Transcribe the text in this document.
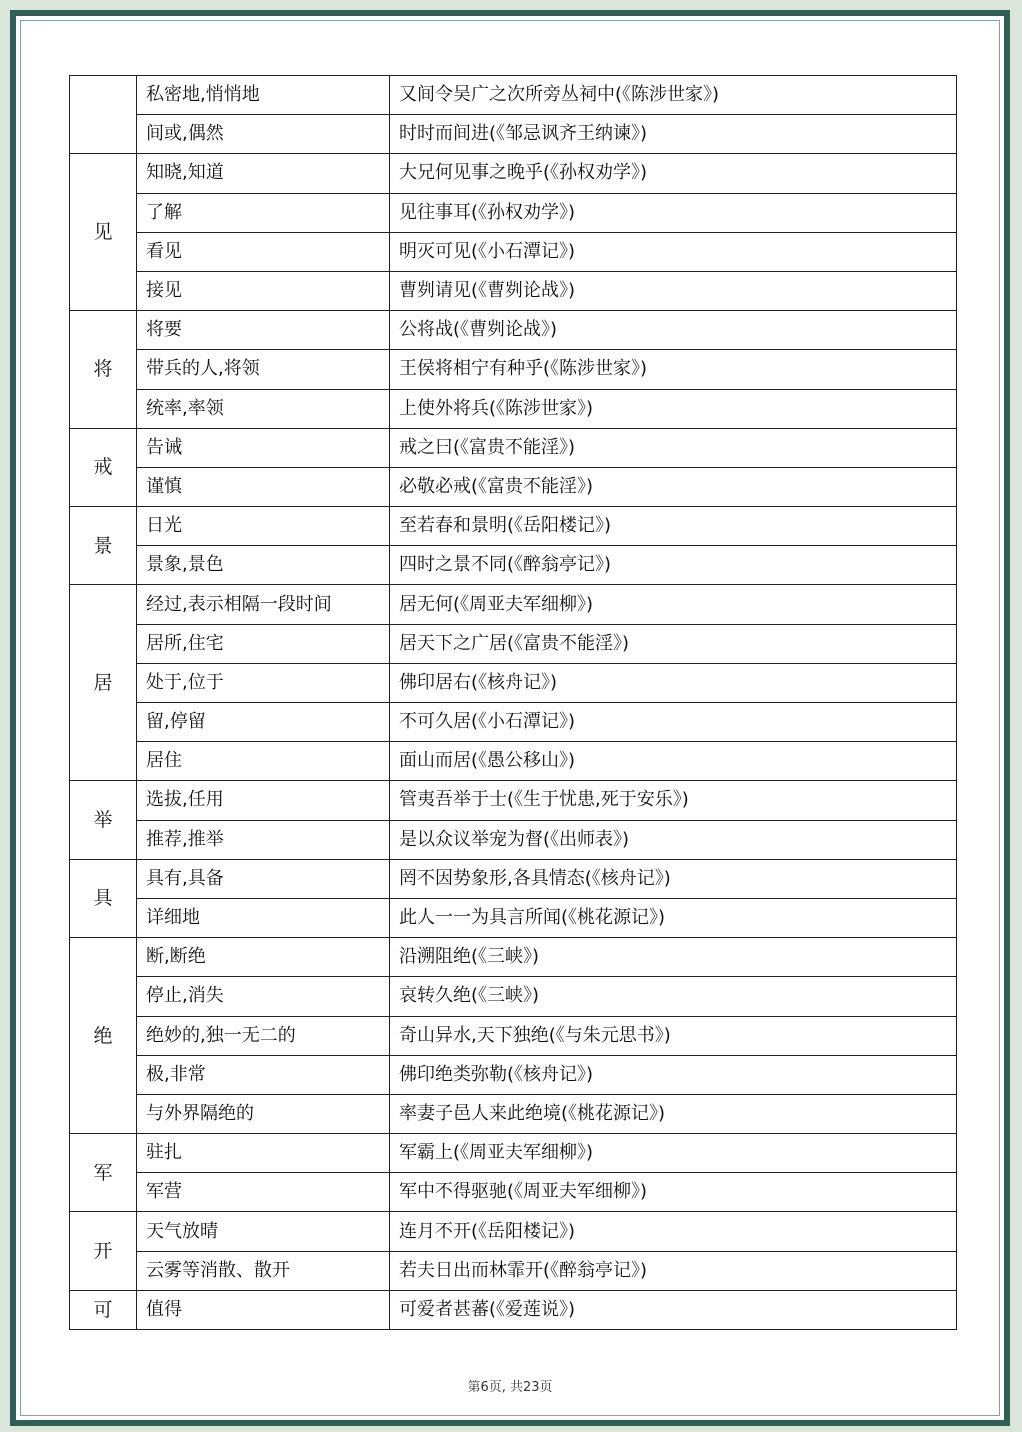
	私密地,悄悄地	又间令吴广之次所旁丛祠中(《陈涉世家》)
	间或,偶然	时时而间进(《邹忌讽齐王纳谏》)
见	知晓,知道	大兄何见事之晚乎(《孙权劝学》)
	了解	见往事耳(《孙权劝学》)
	看见	明灭可见(《小石潭记》)
	接见	曹刿请见(《曹刿论战》)
将	将要	公将战(《曹刿论战》)
	带兵的人,将领	王侯将相宁有种乎(《陈涉世家》)
	统率,率领	上使外将兵(《陈涉世家》)
戒	告诫	戒之曰(《富贵不能淫》)
	谨慎	必敬必戒(《富贵不能淫》)
景	日光	至若春和景明(《岳阳楼记》)
	景象,景色	四时之景不同(《醉翁亭记》)
居	经过,表示相隔一段时间	居无何(《周亚夫军细柳》)
	居所,住宅	居天下之广居(《富贵不能淫》)
	处于,位于	佛印居右(《核舟记》)
	留,停留	不可久居(《小石潭记》)
	居住	面山而居(《愚公移山》)
举	选拔,任用	管夷吾举于士(《生于忧患,死于安乐》)
	推荐,推举	是以众议举宠为督(《出师表》)
具	具有,具备	罔不因势象形,各具情态(《核舟记》)
	详细地	此人一一为具言所闻(《桃花源记》)
绝	断,断绝	沿溯阻绝(《三峡》)
	停止,消失	哀转久绝(《三峡》)
	绝妙的,独一无二的	奇山异水,天下独绝(《与朱元思书》)
	极,非常	佛印绝类弥勒(《核舟记》)
	与外界隔绝的	率妻子邑人来此绝境(《桃花源记》)
军	驻扎	军霸上(《周亚夫军细柳》)
	军营	军中不得驱驰(《周亚夫军细柳》)
开	天气放晴	连月不开(《岳阳楼记》)
	云雾等消散、散开	若夫日出而林霏开(《醉翁亭记》)
可	值得	可爱者甚蕃(《爱莲说》)
第6页, 共23页
